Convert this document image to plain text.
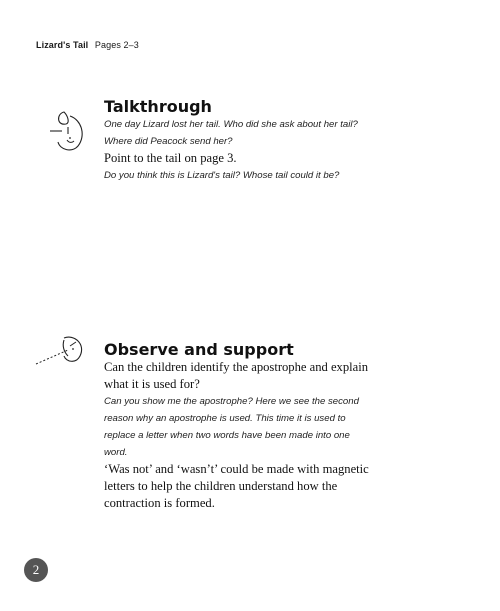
Lizard's Tail Pages 2–3
Talkthrough

One day Lizard lost her tail. Who did she ask about her tail?

Where did Peacock send her?

Point to the tail on page 3.

Do you think this is Lizard's tail? Whose tail could it be?

Observe and support

Can the children identify the apostrophe and explain

what it is used for?

Can you show me the apostrophe? Here we see the second

reason why an apostrophe is used. This time it is used to

replace a letter when two words have been made into one

word.

‘Was not’ and ‘wasn’t’ could be made with magnetic

letters to help the children understand how the

contraction is formed.

2
